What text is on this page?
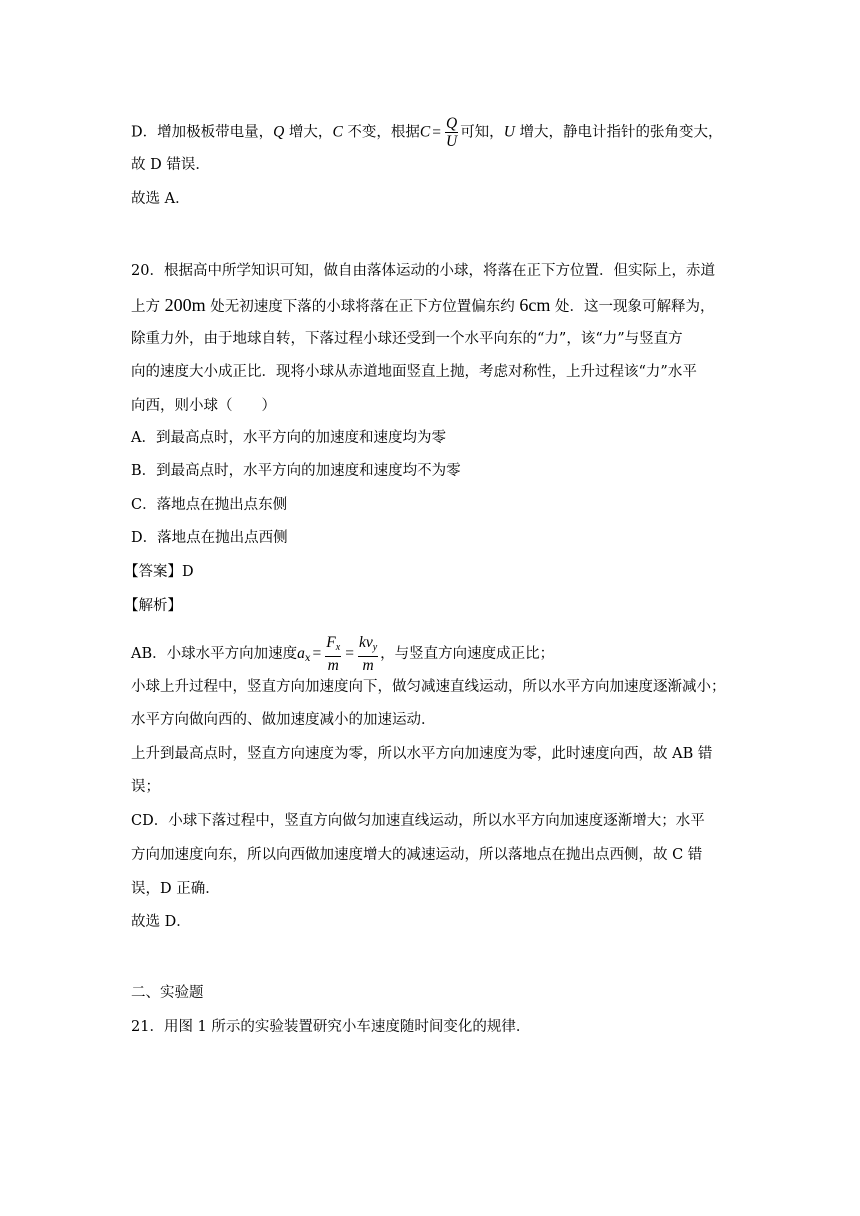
D．增加极板带电量，Q 增大，C 不变，根据$C = \frac{Q}{U}$ 可知，U 增大，静电计指针的张角变大，
故 D 错误．
故选 A．
20．根据高中所学知识可知，做自由落体运动的小球，将落在正下方位置．但实际上，赤道
上方 200m 处无初速度下落的小球将落在正下方位置偏东约 6cm 处．这一现象可解释为，
除重力外，由于地球自转，下落过程小球还受到一个水平向东的“力”，该“力”与竖直方
向的速度大小成正比．现将小球从赤道地面竖直上抛，考虑对称性，上升过程该“力”水平
向西，则小球（　　）
A．到最高点时，水平方向的加速度和速度均为零
B．到最高点时，水平方向的加速度和速度均不为零
C．落地点在抛出点东侧
D．落地点在抛出点西侧
【答案】D
【解析】
AB．小球水平方向加速度$a_x = \frac{F_x}{m} = \frac{kv_y}{m}$ ，与竖直方向速度成正比；
小球上升过程中，竖直方向加速度向下，做匀减速直线运动，所以水平方向加速度逐渐减小；
水平方向做向西的、做加速度减小的加速运动．
上升到最高点时，竖直方向速度为零，所以水平方向加速度为零，此时速度向西，故 AB 错
误；
CD．小球下落过程中，竖直方向做匀加速直线运动，所以水平方向加速度逐渐增大；水平
方向加速度向东，所以向西做加速度增大的减速运动，所以落地点在抛出点西侧，故 C 错
误，D 正确．
故选 D．
二、实验题
21．用图 1 所示的实验装置研究小车速度随时间变化的规律．
